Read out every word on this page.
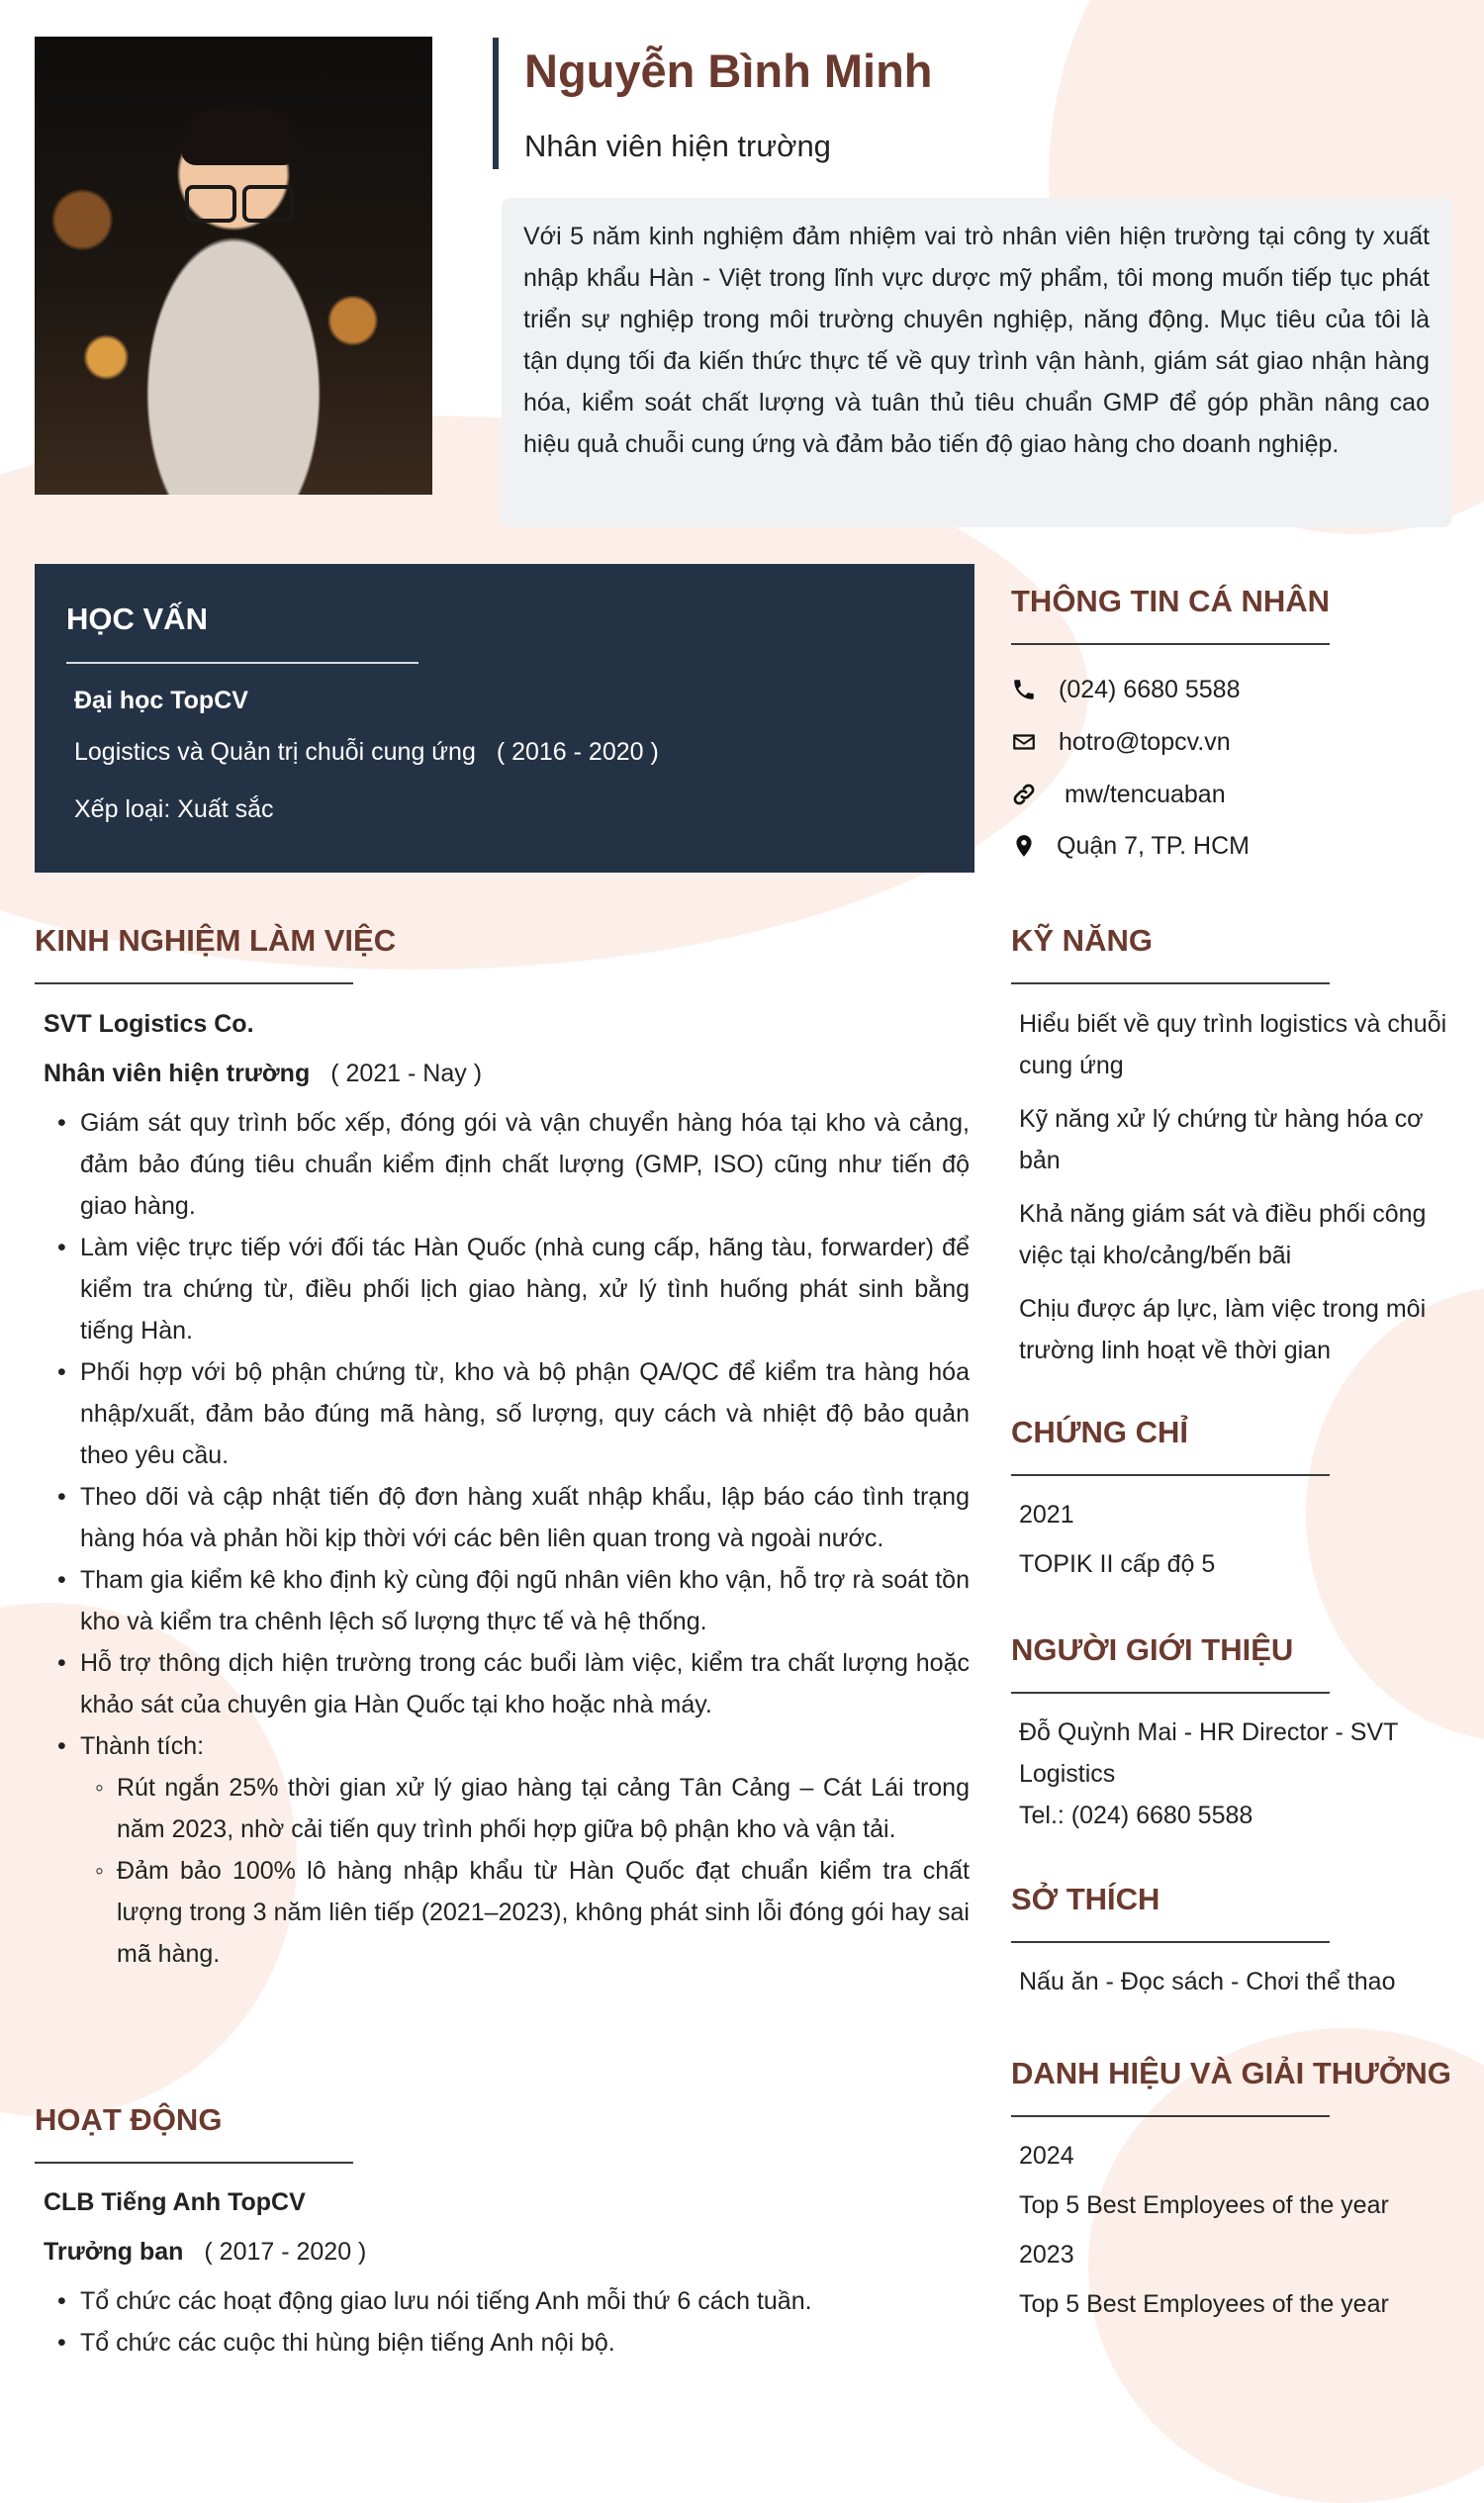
Nguyễn Bình Minh
Nhân viên hiện trường
Với 5 năm kinh nghiệm đảm nhiệm vai trò nhân viên hiện trường tại công ty xuất nhập khẩu Hàn - Việt trong lĩnh vực dược mỹ phẩm, tôi mong muốn tiếp tục phát triển sự nghiệp trong môi trường chuyên nghiệp, năng động. Mục tiêu của tôi là tận dụng tối đa kiến thức thực tế về quy trình vận hành, giám sát giao nhận hàng hóa, kiểm soát chất lượng và tuân thủ tiêu chuẩn GMP để góp phần nâng cao hiệu quả chuỗi cung ứng và đảm bảo tiến độ giao hàng cho doanh nghiệp.
HỌC VẤN
Đại học TopCV
Logistics và Quản trị chuỗi cung ứng ( 2016 - 2020 )
Xếp loại: Xuất sắc
THÔNG TIN CÁ NHÂN
(024) 6680 5588
hotro@topcv.vn
mw/tencuaban
Quận 7, TP. HCM
KINH NGHIỆM LÀM VIỆC
SVT Logistics Co.
Nhân viên hiện trường ( 2021 - Nay )
• Giám sát quy trình bốc xếp, đóng gói và vận chuyển hàng hóa tại kho và cảng, đảm bảo đúng tiêu chuẩn kiểm định chất lượng (GMP, ISO) cũng như tiến độ giao hàng.
• Làm việc trực tiếp với đối tác Hàn Quốc (nhà cung cấp, hãng tàu, forwarder) để kiểm tra chứng từ, điều phối lịch giao hàng, xử lý tình huống phát sinh bằng tiếng Hàn.
• Phối hợp với bộ phận chứng từ, kho và bộ phận QA/QC để kiểm tra hàng hóa nhập/xuất, đảm bảo đúng mã hàng, số lượng, quy cách và nhiệt độ bảo quản theo yêu cầu.
• Theo dõi và cập nhật tiến độ đơn hàng xuất nhập khẩu, lập báo cáo tình trạng hàng hóa và phản hồi kịp thời với các bên liên quan trong và ngoài nước.
• Tham gia kiểm kê kho định kỳ cùng đội ngũ nhân viên kho vận, hỗ trợ rà soát tồn kho và kiểm tra chênh lệch số lượng thực tế và hệ thống.
• Hỗ trợ thông dịch hiện trường trong các buổi làm việc, kiểm tra chất lượng hoặc khảo sát của chuyên gia Hàn Quốc tại kho hoặc nhà máy.
• Thành tích:
◦ Rút ngắn 25% thời gian xử lý giao hàng tại cảng Tân Cảng – Cát Lái trong năm 2023, nhờ cải tiến quy trình phối hợp giữa bộ phận kho và vận tải.
◦ Đảm bảo 100% lô hàng nhập khẩu từ Hàn Quốc đạt chuẩn kiểm tra chất lượng trong 3 năm liên tiếp (2021–2023), không phát sinh lỗi đóng gói hay sai mã hàng.
HOẠT ĐỘNG
CLB Tiếng Anh TopCV
Trưởng ban ( 2017 - 2020 )
• Tổ chức các hoạt động giao lưu nói tiếng Anh mỗi thứ 6 cách tuần.
• Tổ chức các cuộc thi hùng biện tiếng Anh nội bộ.
KỸ NĂNG
Hiểu biết về quy trình logistics và chuỗi cung ứng
Kỹ năng xử lý chứng từ hàng hóa cơ bản
Khả năng giám sát và điều phối công việc tại kho/cảng/bến bãi
Chịu được áp lực, làm việc trong môi trường linh hoạt về thời gian
CHỨNG CHỈ
2021
TOPIK II cấp độ 5
NGƯỜI GIỚI THIỆU
Đỗ Quỳnh Mai - HR Director - SVT Logistics
Tel.: (024) 6680 5588
SỞ THÍCH
Nấu ăn - Đọc sách - Chơi thể thao
DANH HIỆU VÀ GIẢI THƯỞNG
2024
Top 5 Best Employees of the year
2023
Top 5 Best Employees of the year
